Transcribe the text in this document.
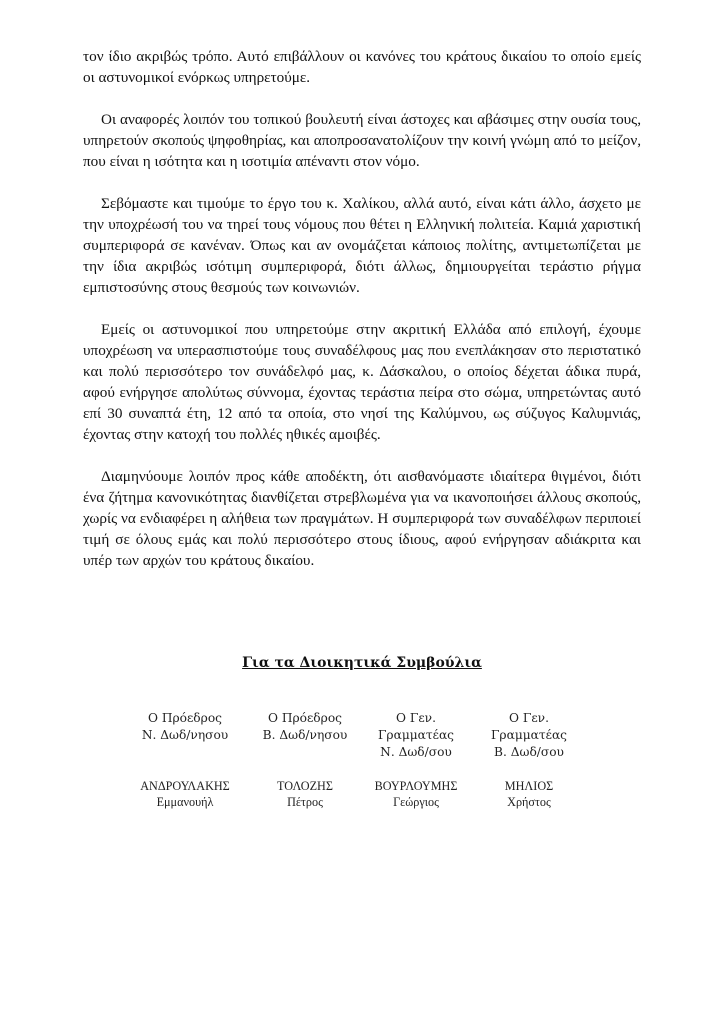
τον ίδιο ακριβώς τρόπο. Αυτό επιβάλλουν οι κανόνες του κράτους δικαίου το οποίο εμείς οι αστυνομικοί ενόρκως υπηρετούμε.

Οι αναφορές λοιπόν του τοπικού βουλευτή είναι άστοχες και αβάσιμες στην ουσία τους, υπηρετούν σκοπούς ψηφοθηρίας, και αποπροσανατολίζουν την κοινή γνώμη από το μείζον, που είναι η ισότητα και η ισοτιμία απέναντι στον νόμο.

Σεβόμαστε και τιμούμε το έργο του κ. Χαλίκου, αλλά αυτό, είναι κάτι άλλο, άσχετο με την υποχρέωσή του να τηρεί τους νόμους που θέτει η Ελληνική πολιτεία. Καμιά χαριστική συμπεριφορά σε κανέναν. Όπως και αν ονομάζεται κάποιος πολίτης, αντιμετωπίζεται με την ίδια ακριβώς ισότιμη συμπεριφορά, διότι άλλως, δημιουργείται τεράστιο ρήγμα εμπιστοσύνης στους θεσμούς των κοινωνιών.

Εμείς οι αστυνομικοί που υπηρετούμε στην ακριτική Ελλάδα από επιλογή, έχουμε υποχρέωση να υπερασπιστούμε τους συναδέλφους μας που ενεπλάκησαν στο περιστατικό και πολύ περισσότερο τον συνάδελφό μας, κ. Δάσκαλου, ο οποίος δέχεται άδικα πυρά, αφού ενήργησε απολύτως σύννομα, έχοντας τεράστια πείρα στο σώμα, υπηρετώντας αυτό επί 30 συναπτά έτη, 12 από τα οποία, στο νησί της Καλύμνου, ως σύζυγος Καλυμνιάς, έχοντας στην κατοχή του πολλές ηθικές αμοιβές.

Διαμηνύουμε λοιπόν προς κάθε αποδέκτη, ότι αισθανόμαστε ιδιαίτερα θιγμένοι, διότι ένα ζήτημα κανονικότητας διανθίζεται στρεβλωμένα για να ικανοποιήσει άλλους σκοπούς, χωρίς να ενδιαφέρει η αλήθεια των πραγμάτων. Η συμπεριφορά των συναδέλφων περιποιεί τιμή σε όλους εμάς και πολύ περισσότερο στους ίδιους, αφού ενήργησαν αδιάκριτα και υπέρ των αρχών του κράτους δικαίου.

Για τα Διοικητικά Συμβούλια
Ο Πρόεδρος
Ν. Δωδ/νησου
Ο Πρόεδρος
Β. Δωδ/νησου
Ο Γεν.
Γραμματέας
Ν. Δωδ/σου
Ο Γεν.
Γραμματέας
Β. Δωδ/σου
ΑΝΔΡΟΥΛΑΚΗΣ
Εμμανουήλ
ΤΟΛΟΖΗΣ
Πέτρος
ΒΟΥΡΛΟΥΜΗΣ
Γεώργιος
ΜΗΛΙΟΣ
Χρήστος
